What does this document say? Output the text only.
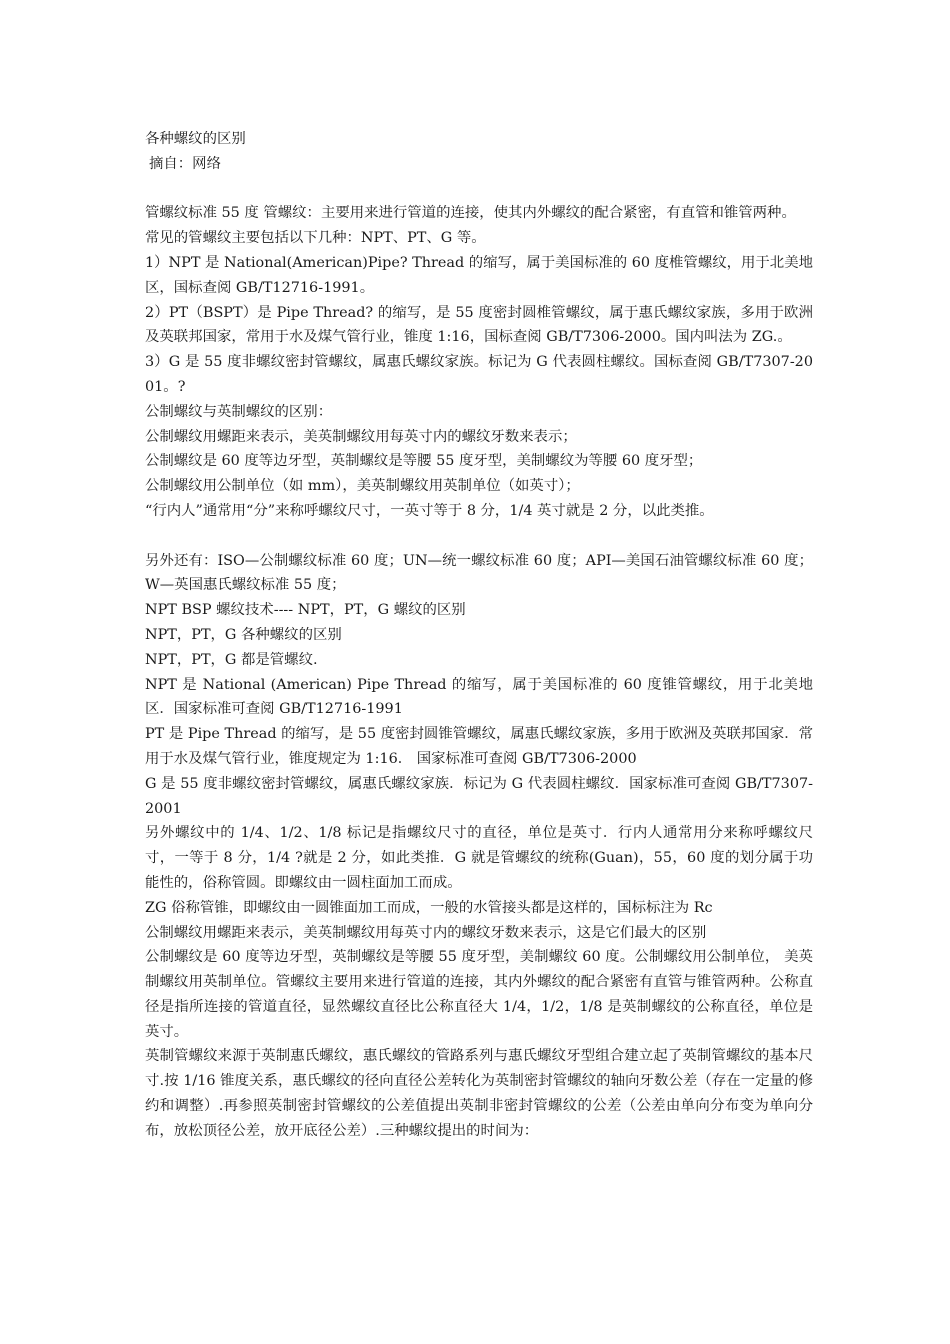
各种螺纹的区别

摘自：网络

管螺纹标准 55 度 管螺纹：主要用来进行管道的连接，使其内外螺纹的配合紧密，有直管和锥管两种。

常见的管螺纹主要包括以下几种：NPT、PT、G 等。

1）NPT 是 National(American)Pipe? Thread 的缩写，属于美国标准的 60 度椎管螺纹，用于北美地区，国标查阅 GB/T12716-1991。

2）PT（BSPT）是 Pipe Thread? 的缩写，是 55 度密封圆椎管螺纹，属于惠氏螺纹家族，多用于欧洲及英联邦国家，常用于水及煤气管行业，锥度 1:16，国标查阅 GB/T7306-2000。国内叫法为 ZG.。

3）G 是 55 度非螺纹密封管螺纹，属惠氏螺纹家族。标记为 G 代表圆柱螺纹。国标查阅 GB/T7307-2001。?

公制螺纹与英制螺纹的区别：

公制螺纹用螺距来表示，美英制螺纹用每英寸内的螺纹牙数来表示；

公制螺纹是 60 度等边牙型，英制螺纹是等腰 55 度牙型，美制螺纹为等腰 60 度牙型；

公制螺纹用公制单位（如 mm），美英制螺纹用英制单位（如英寸）；

“行内人”通常用“分”来称呼螺纹尺寸，一英寸等于 8 分，1/4 英寸就是 2 分，以此类推。

另外还有：ISO—公制螺纹标准 60 度；UN—统一螺纹标准 60 度；API—美国石油管螺纹标准 60 度；W—英国惠氏螺纹标准 55 度；

NPT BSP 螺纹技术---- NPT，PT，G 螺纹的区别

NPT，PT，G 各种螺纹的区别

NPT，PT，G 都是管螺纹.

NPT 是 National (American) Pipe Thread 的缩写，属于美国标准的 60 度锥管螺纹，用于北美地区．国家标准可查阅 GB/T12716-1991

PT 是 Pipe Thread 的缩写，是 55 度密封圆锥管螺纹，属惠氏螺纹家族，多用于欧洲及英联邦国家．常用于水及煤气管行业，锥度规定为 1:16． 国家标准可查阅 GB/T7306-2000

G 是 55 度非螺纹密封管螺纹，属惠氏螺纹家族．标记为 G 代表圆柱螺纹．国家标准可查阅 GB/T7307-2001

另外螺纹中的 1/4、1/2、1/8 标记是指螺纹尺寸的直径，单位是英寸．行内人通常用分来称呼螺纹尺寸，一等于 8 分，1/4 ?就是 2 分，如此类推．G 就是管螺纹的统称(Guan)，55，60 度的划分属于功能性的，俗称管圆。即螺纹由一圆柱面加工而成。

ZG 俗称管锥，即螺纹由一圆锥面加工而成，一般的水管接头都是这样的，国标标注为 Rc

公制螺纹用螺距来表示，美英制螺纹用每英寸内的螺纹牙数来表示，这是它们最大的区别

公制螺纹是 60 度等边牙型，英制螺纹是等腰 55 度牙型，美制螺纹 60 度。公制螺纹用公制单位， 美英制螺纹用英制单位。管螺纹主要用来进行管道的连接，其内外螺纹的配合紧密有直管与锥管两种。公称直径是指所连接的管道直径，显然螺纹直径比公称直径大 1/4，1/2，1/8 是英制螺纹的公称直径，单位是英寸。

英制管螺纹来源于英制惠氏螺纹，惠氏螺纹的管路系列与惠氏螺纹牙型组合建立起了英制管螺纹的基本尺寸.按 1/16 锥度关系，惠氏螺纹的径向直径公差转化为英制密封管螺纹的轴向牙数公差（存在一定量的修约和调整）.再参照英制密封管螺纹的公差值提出英制非密封管螺纹的公差（公差由单向分布变为单向分布，放松顶径公差，放开底径公差）.三种螺纹提出的时间为：
